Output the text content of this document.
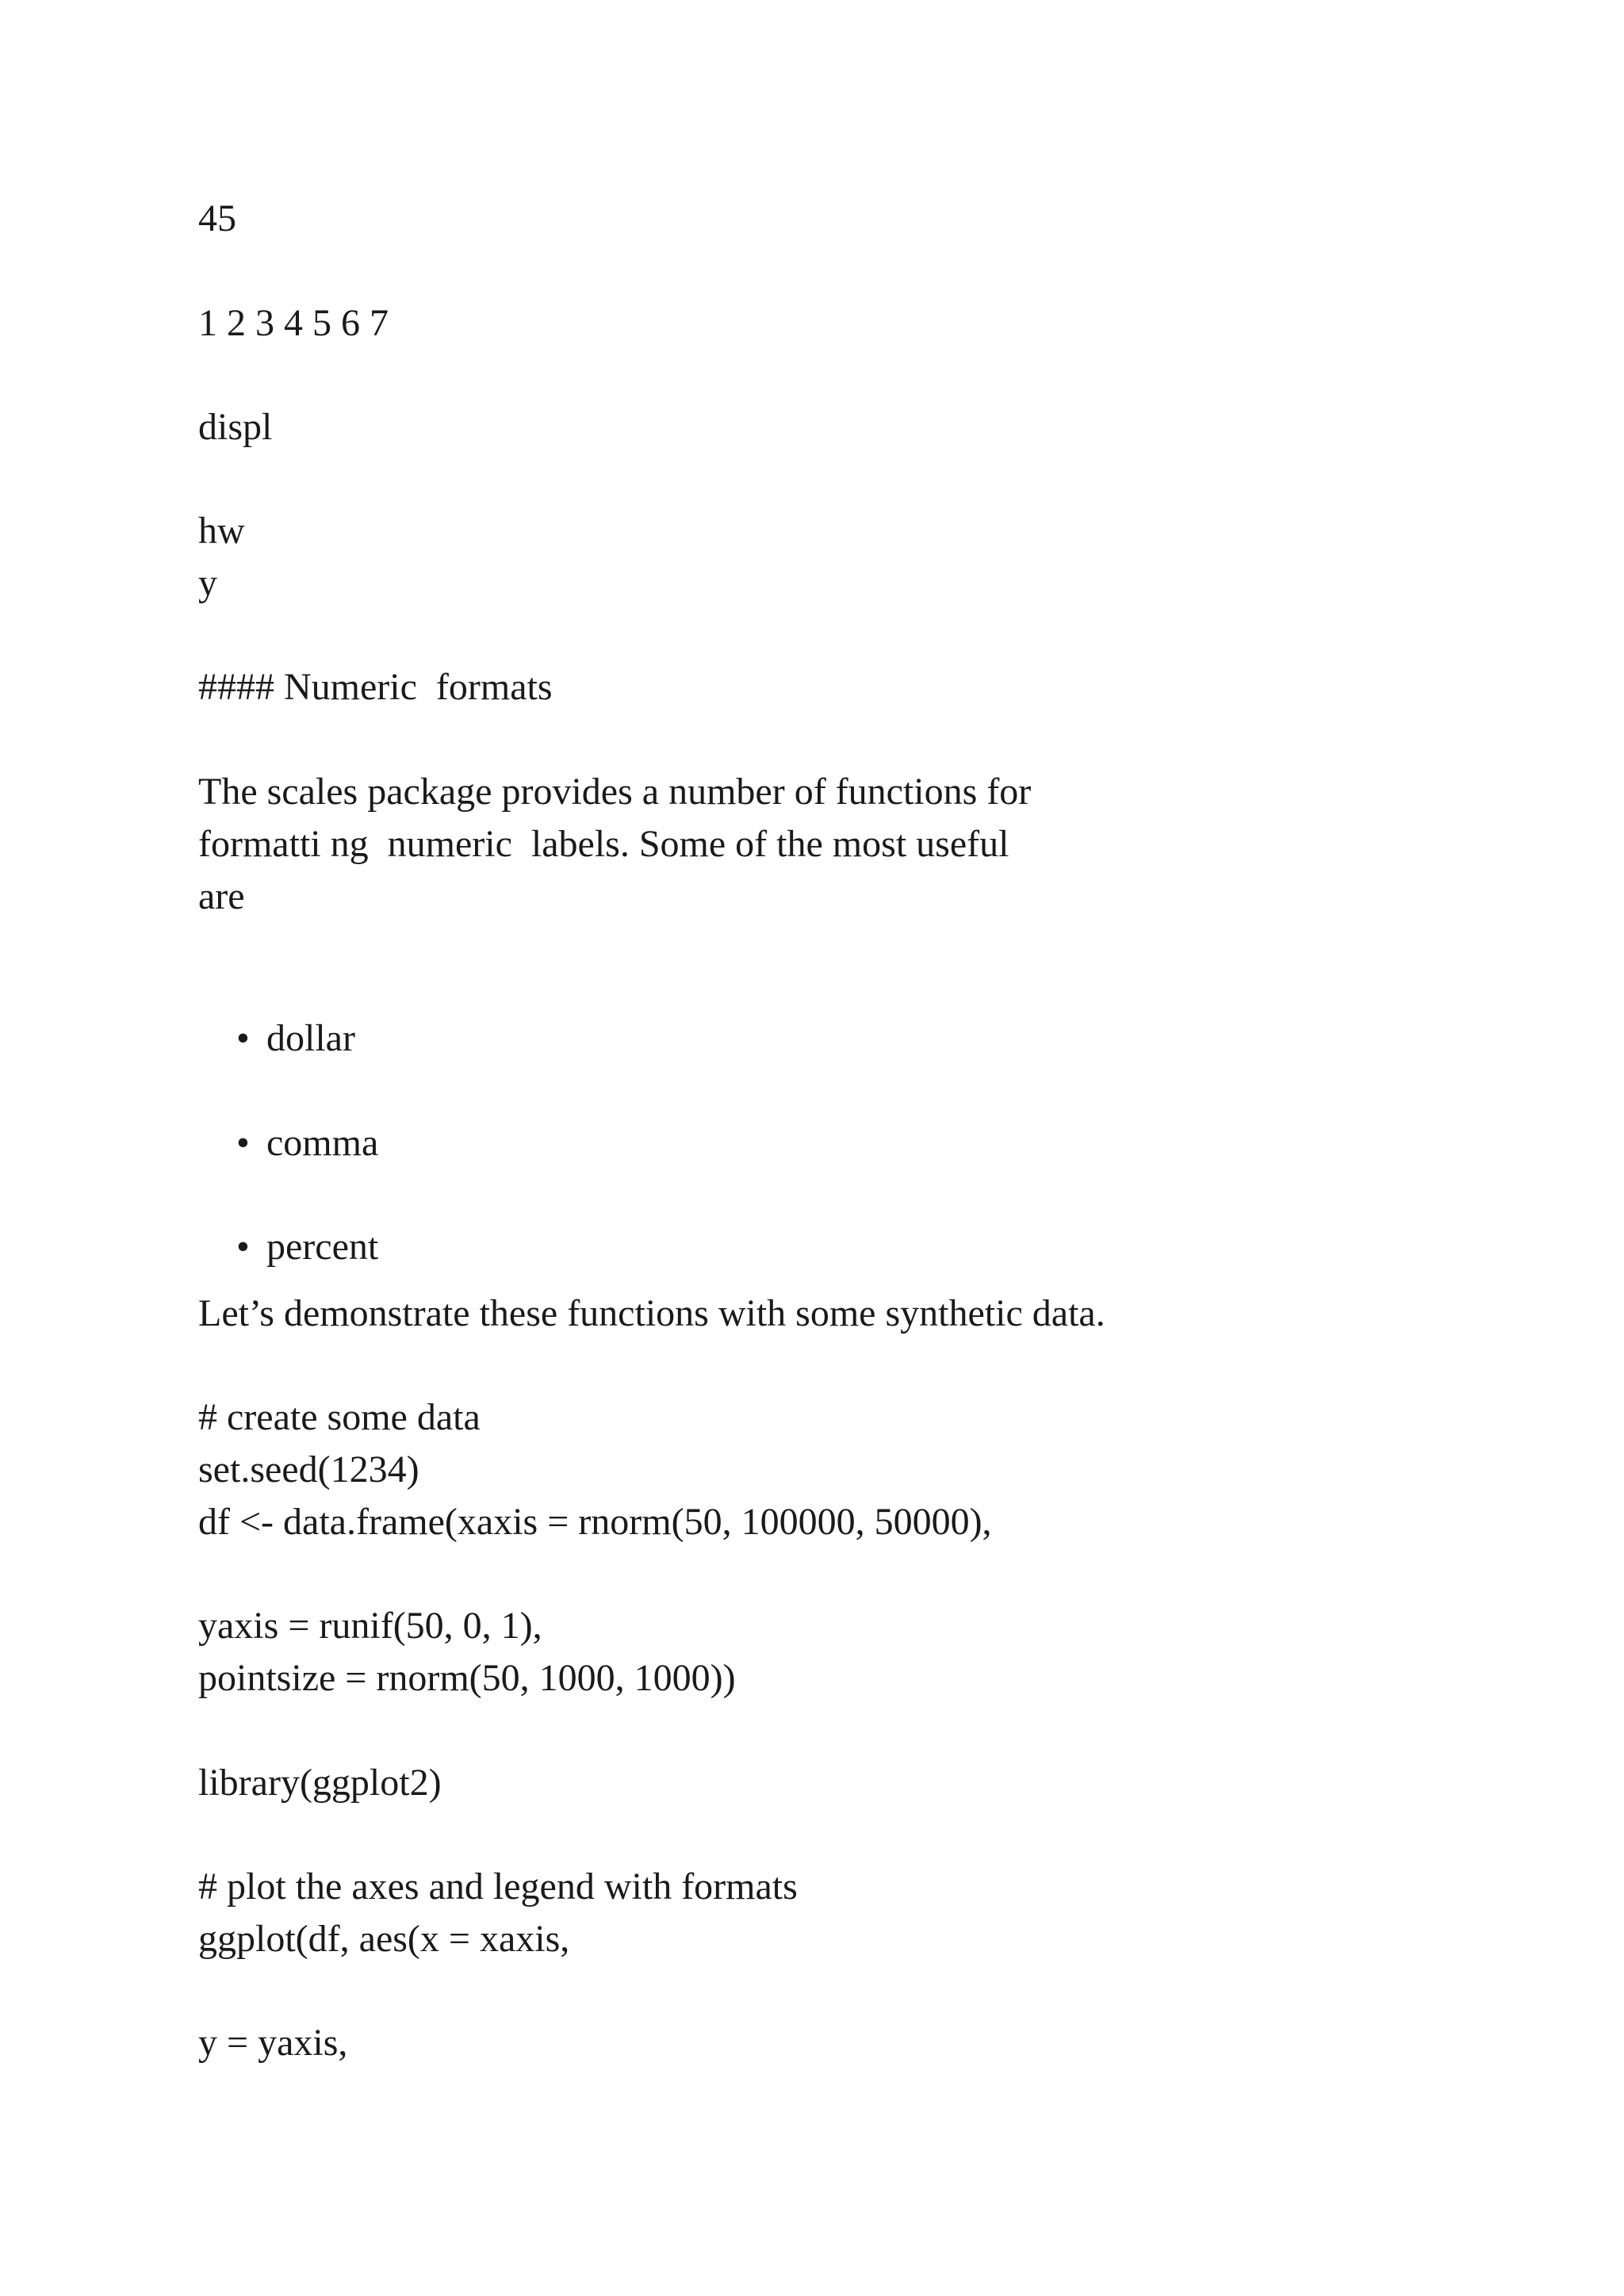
45
1 2 3 4 5 6 7
displ
hw
y
#### Numeric  formats
The scales package provides a number of functions for
formatti ng  numeric  labels. Some of the most useful
are

• dollar

• comma

• percent

Let’s demonstrate these functions with some synthetic data.
# create some data
set.seed(1234)
df <- data.frame(xaxis = rnorm(50, 100000, 50000),
yaxis = runif(50, 0, 1),
pointsize = rnorm(50, 1000, 1000))
library(ggplot2)
# plot the axes and legend with formats
ggplot(df, aes(x = xaxis,
y = yaxis,
